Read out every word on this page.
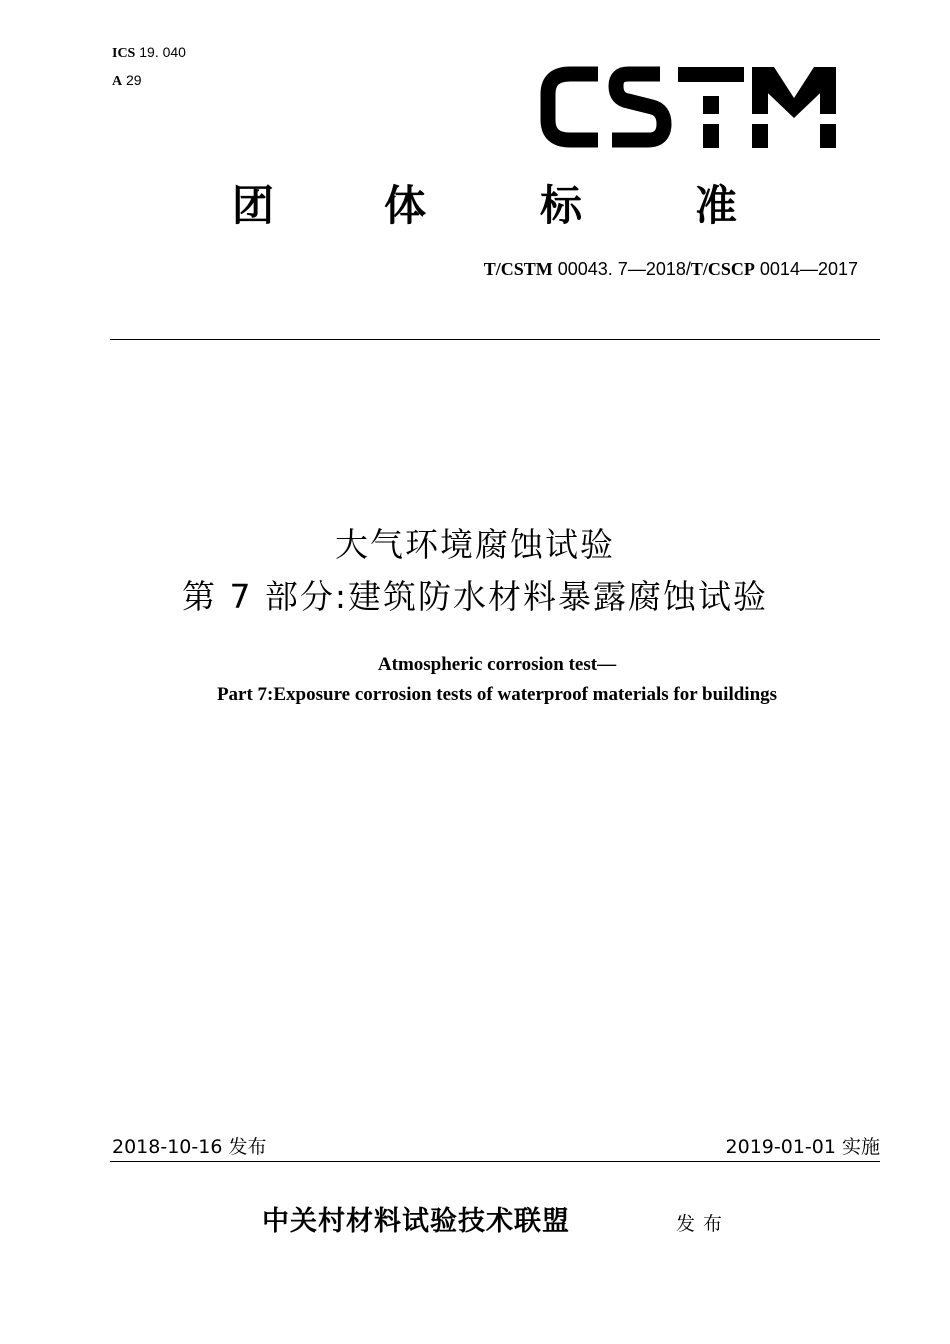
ICS 19. 040
A 29
团	体	标	准
T/CSTM 00043. 7—2018/T/CSCP 0014—2017
大气环境腐蚀试验
第 7 部分:建筑防水材料暴露腐蚀试验
Atmospheric corrosion test—
Part 7:Exposure corrosion tests of waterproof materials for buildings
2018-10-16 发布	2019-01-01 实施
中关村材料试验技术联盟	发布
